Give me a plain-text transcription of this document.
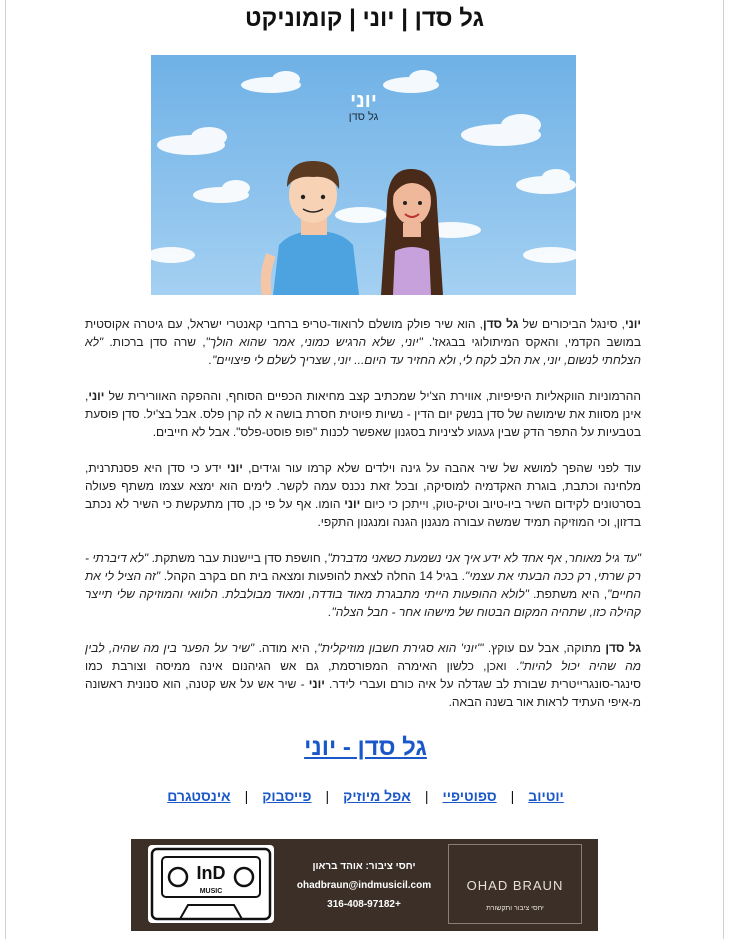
גל סדן | יוני | קומוניקט
יוני
גל סדן

יוני, סינגל הביכורים של גל סדן, הוא שיר פולק מושלם לרואוד-טריפ ברחבי קאנטרי ישראל, עם גיטרה אקוסטית במושב הקדמי, והאקס המיתולוגי בבגאז'. "יוני, שלא הרגיש כמוני, אמר שהוא הולך", שרה סדן ברכות. "לא הצלחתי לנשום, יוני, את הלב לקח לי, ולא החזיר עד היום... יוני, שצריך לשלם לי פיצויים".

ההרמוניות הווקאליות היפיפיות, אווירת הצ'יל שמכתיב קצב מחיאות הכפיים הסוחף, וההפקה האוורירית של יוני, אינן מסוות את שימושה של סדן בנשק יום הדין - נשיות פיוטית חסרת בושה א לה קרן פלס. אבל בצ'יל. סדן פוסעת בטבעיות על התפר הדק שבין געגוע לציניות בסגנון שאפשר לכנות "פופ פוסט-פלס". אבל לא חייבים.

עוד לפני שהפך למושא של שיר אהבה על גינה וילדים שלא קרמו עור וגידים, יוני ידע כי סדן היא פסנתרנית, מלחינה וכתבת, בוגרת האקדמיה למוסיקה, ובכל זאת נכנס עמה לקשר. לימים הוא ימצא עצמו משתף פעולה בסרטונים לקידום השיר ביו-טיוב וטיק-טוק, וייתכן כי כיום יוני הומו. אף על פי כן, סדן מתעקשת כי השיר לא נכתב בדזון, וכי המוזיקה תמיד שמשה עבורה מנגנון הגנה ומנגנון התקפי.

"עד גיל מאוחר, אף אחד לא ידע איך אני נשמעת כשאני מדברת", חושפת סדן ביישנות עבר משתקת. "לא דיברתי - רק שרתי, רק ככה הבעתי את עצמי". בגיל 14 החלה לצאת להופעות ומצאה בית חם בקרב הקהל. "זה הציל לי את החיים", היא משתפת. "לולא ההופעות הייתי מתבגרת מאוד בודדה, ומאוד מבולבלת. הלוואי והמוזיקה שלי תייצר קהילה כזו, שתהיה המקום הבטוח של מישהו אחר - חבל הצלה".

גל סדן מתוקה, אבל עם עוקץ. "'יוני' הוא סגירת חשבון מוזיקלית", היא מודה. "שיר על הפער בין מה שהיה, לבין מה שהיה יכול להיות". ואכן, כלשון האימרה המפורסמת, גם אש הגיהנום אינה ממיסה וצורבת כמו סינגר-סונגרייטרית שבורת לב שגדלה על איה כורם ועברי לידר. יוני - שיר אש על אש קטנה, הוא סנונית ראשונה מ-איפי העתיד לראות אור בשנה הבאה.

גל סדן - יוני
יוטיוב|ספוטיפיי|אפל מיוזיק|פייסבוק|אינסטגרם
InD
MUSIC
יחסי ציבור: אוהד בראון
ohadbraun@indmusicil.com
+316-408-97182
OHAD BRAUN
יחסי ציבור ותקשורת
